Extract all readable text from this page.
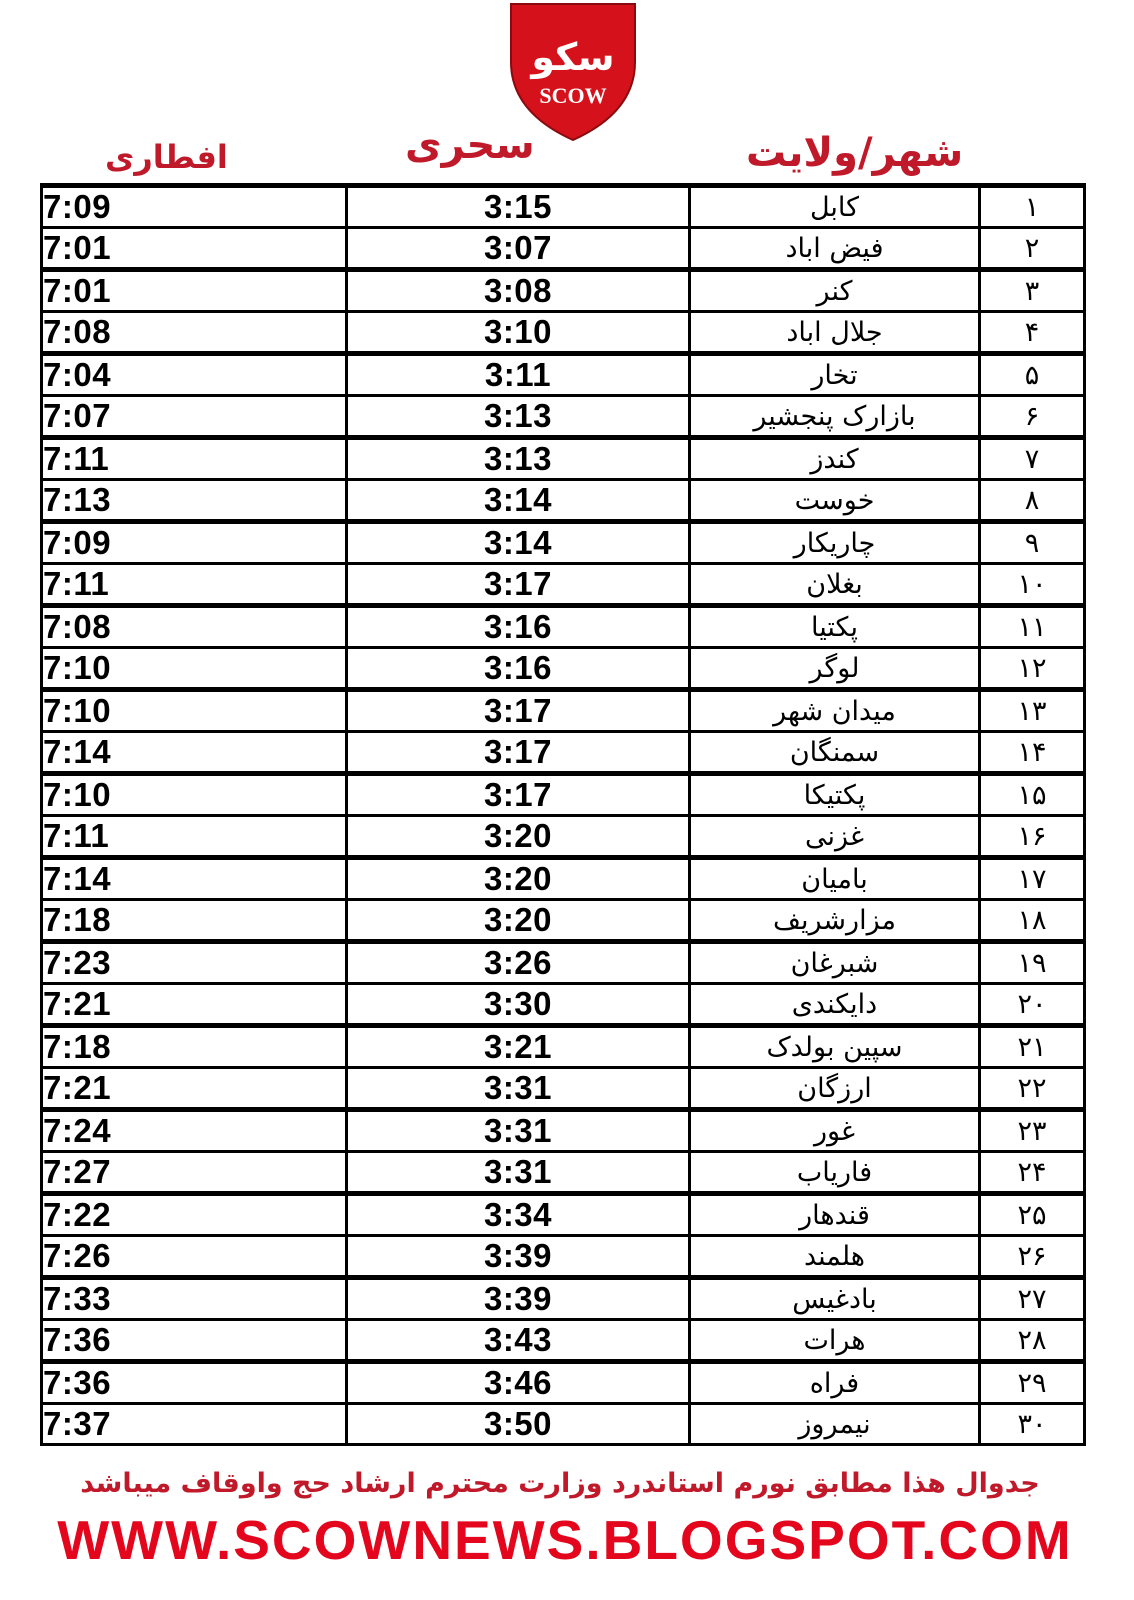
سکو
SCOW
افطاری	سحری	شهر/ولایت
7:09	3:15	کابل	۱
7:01	3:07	فیض اباد	۲
7:01	3:08	کنر	۳
7:08	3:10	جلال اباد	۴
7:04	3:11	تخار	۵
7:07	3:13	بازارک پنجشیر	۶
7:11	3:13	کندز	۷
7:13	3:14	خوست	۸
7:09	3:14	چاریکار	۹
7:11	3:17	بغلان	۱۰
7:08	3:16	پکتیا	۱۱
7:10	3:16	لوگر	۱۲
7:10	3:17	میدان شهر	۱۳
7:14	3:17	سمنگان	۱۴
7:10	3:17	پکتیکا	۱۵
7:11	3:20	غزنی	۱۶
7:14	3:20	بامیان	۱۷
7:18	3:20	مزارشریف	۱۸
7:23	3:26	شبرغان	۱۹
7:21	3:30	دایکندی	۲۰
7:18	3:21	سپین بولدک	۲۱
7:21	3:31	ارزگان	۲۲
7:24	3:31	غور	۲۳
7:27	3:31	فاریاب	۲۴
7:22	3:34	قندهار	۲۵
7:26	3:39	هلمند	۲۶
7:33	3:39	بادغیس	۲۷
7:36	3:43	هرات	۲۸
7:36	3:46	فراه	۲۹
7:37	3:50	نیمروز	۳۰
جدوال هذا مطابق نورم استاندرد وزارت محترم ارشاد حج واوقاف میباشد
WWW.SCOWNEWS.BLOGSPOT.COM
